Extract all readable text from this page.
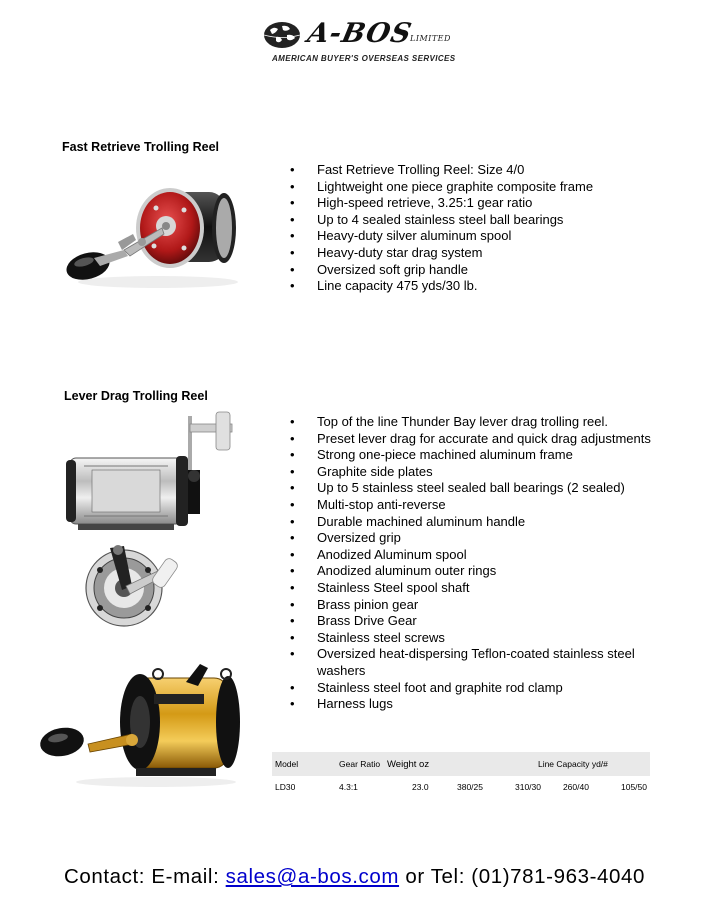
A-BOS
LIMITED
AMERICAN BUYER'S OVERSEAS SERVICES
Fast Retrieve Trolling Reel
• Fast Retrieve Trolling Reel: Size 4/0
• Lightweight one piece graphite composite frame
• High-speed retrieve, 3.25:1 gear ratio
• Up to 4 sealed stainless steel ball bearings
• Heavy-duty silver aluminum spool
• Heavy-duty star drag system
• Oversized soft grip handle
• Line capacity 475 yds/30 lb.
Lever Drag Trolling Reel
• Top of the line Thunder Bay lever drag trolling reel.
• Preset lever drag for accurate and quick drag adjustments
• Strong one-piece machined aluminum frame
• Graphite side plates
• Up to 5 stainless steel sealed ball bearings (2 sealed)
• Multi-stop anti-reverse
• Durable machined aluminum handle
• Oversized grip
• Anodized Aluminum spool
• Anodized aluminum outer rings
• Stainless Steel spool shaft
• Brass pinion gear
• Brass Drive Gear
• Stainless steel screws
• Oversized heat-dispersing Teflon-coated stainless steel washers
• Stainless steel foot and graphite rod clamp
• Harness lugs
Model	Gear Ratio	Weight oz		Line Capacity yd/#		
LD30	4.3:1	23.0	380/25	310/30	260/40	105/50
Contact: E-mail: sales@a-bos.com or Tel: (01)781-963-4040
